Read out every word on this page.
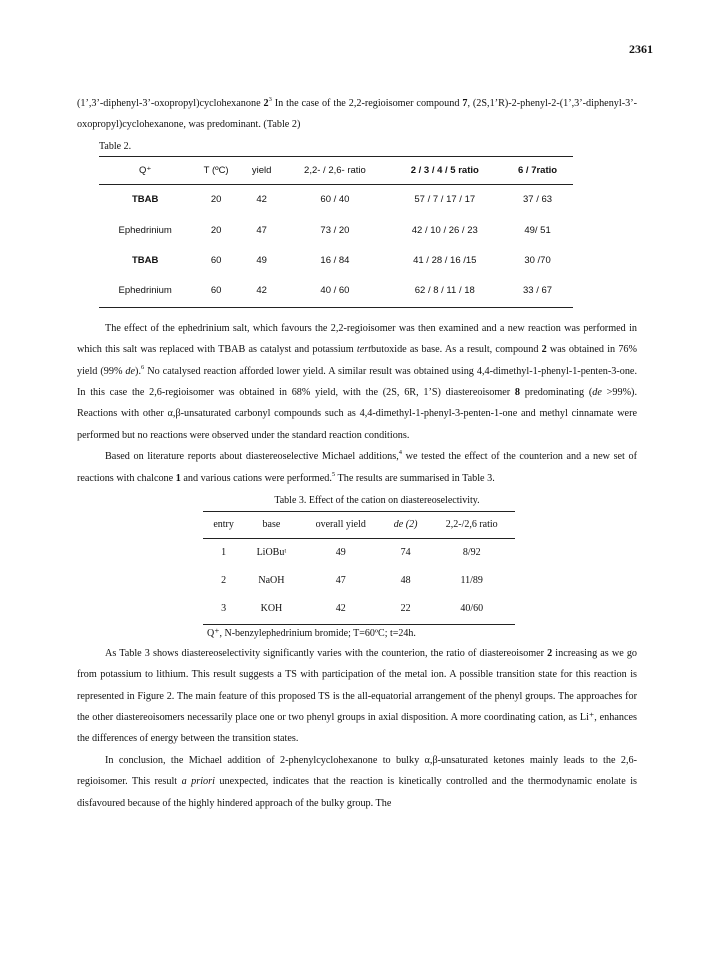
2361

(1’,3’-diphenyl-3’-oxopropyl)cyclohexanone $2^3$ In the case of the 2,2-regioisomer compound 7, (2S,1’R)-2-phenyl-2-(1’,3’-diphenyl-3’-oxopropyl)cyclohexanone, was predominant. (Table 2)

Table 2.
Q⁺	T (ºC)	yield	2,2- / 2,6- ratio	2 / 3 / 4 / 5 ratio	6 / 7ratio
TBAB	20	42	60 / 40	57 / 7 / 17 / 17	37 / 63
Ephedrinium	20	47	73 / 20	42 / 10 / 26 / 23	49/ 51
TBAB	60	49	16 / 84	41 / 28 / 16 /15	30 /70
Ephedrinium	60	42	40 / 60	62 / 8 / 11 / 18	33 / 67

The effect of the ephedrinium salt, which favours the 2,2-regioisomer was then examined and a new reaction was performed in which this salt was replaced with TBAB as catalyst and potassium tertbutoxide as base. As a result, compound 2 was obtained in 76% yield (99% de).$^6$ No catalysed reaction afforded lower yield. A similar result was obtained using 4,4-dimethyl-1-phenyl-1-penten-3-one. In this case the 2,6-regioisomer was obtained in 68% yield, with the (2S, 6R, 1’S) diastereoisomer 8 predominating (de >99%). Reactions with other α,β-unsaturated carbonyl compounds such as 4,4-dimethyl-1-phenyl-3-penten-1-one and methyl cinnamate were performed but no reactions were observed under the standard reaction conditions.

Based on literature reports about diastereoselective Michael additions,$^4$ we tested the effect of the counterion and a new set of reactions with chalcone 1 and various cations were performed.$^5$ The results are summarised in Table 3.

Table 3. Effect of the cation on diastereoselectivity.
entry	base	overall yield	de (2)	2,2-/2,6 ratio
1	LiOBuᵗ	49	74	8/92
2	NaOH	47	48	11/89
3	KOH	42	22	40/60
Q⁺, N-benzylephedrinium bromide; T=60ºC; t=24h.

As Table 3 shows diastereoselectivity significantly varies with the counterion, the ratio of diastereoisomer 2 increasing as we go from potassium to lithium. This result suggests a TS with participation of the metal ion. A possible transition state for this reaction is represented in Figure 2. The main feature of this proposed TS is the all-equatorial arrangement of the phenyl groups. The approaches for the other diastereoisomers necessarily place one or two phenyl groups in axial disposition. A more coordinating cation, as Li⁺, enhances the differences of energy between the transition states.

In conclusion, the Michael addition of 2-phenylcyclohexanone to bulky α,β-unsaturated ketones mainly leads to the 2,6-regioisomer. This result a priori unexpected, indicates that the reaction is kinetically controlled and the thermodynamic enolate is disfavoured because of the highly hindered approach of the bulky group. The
